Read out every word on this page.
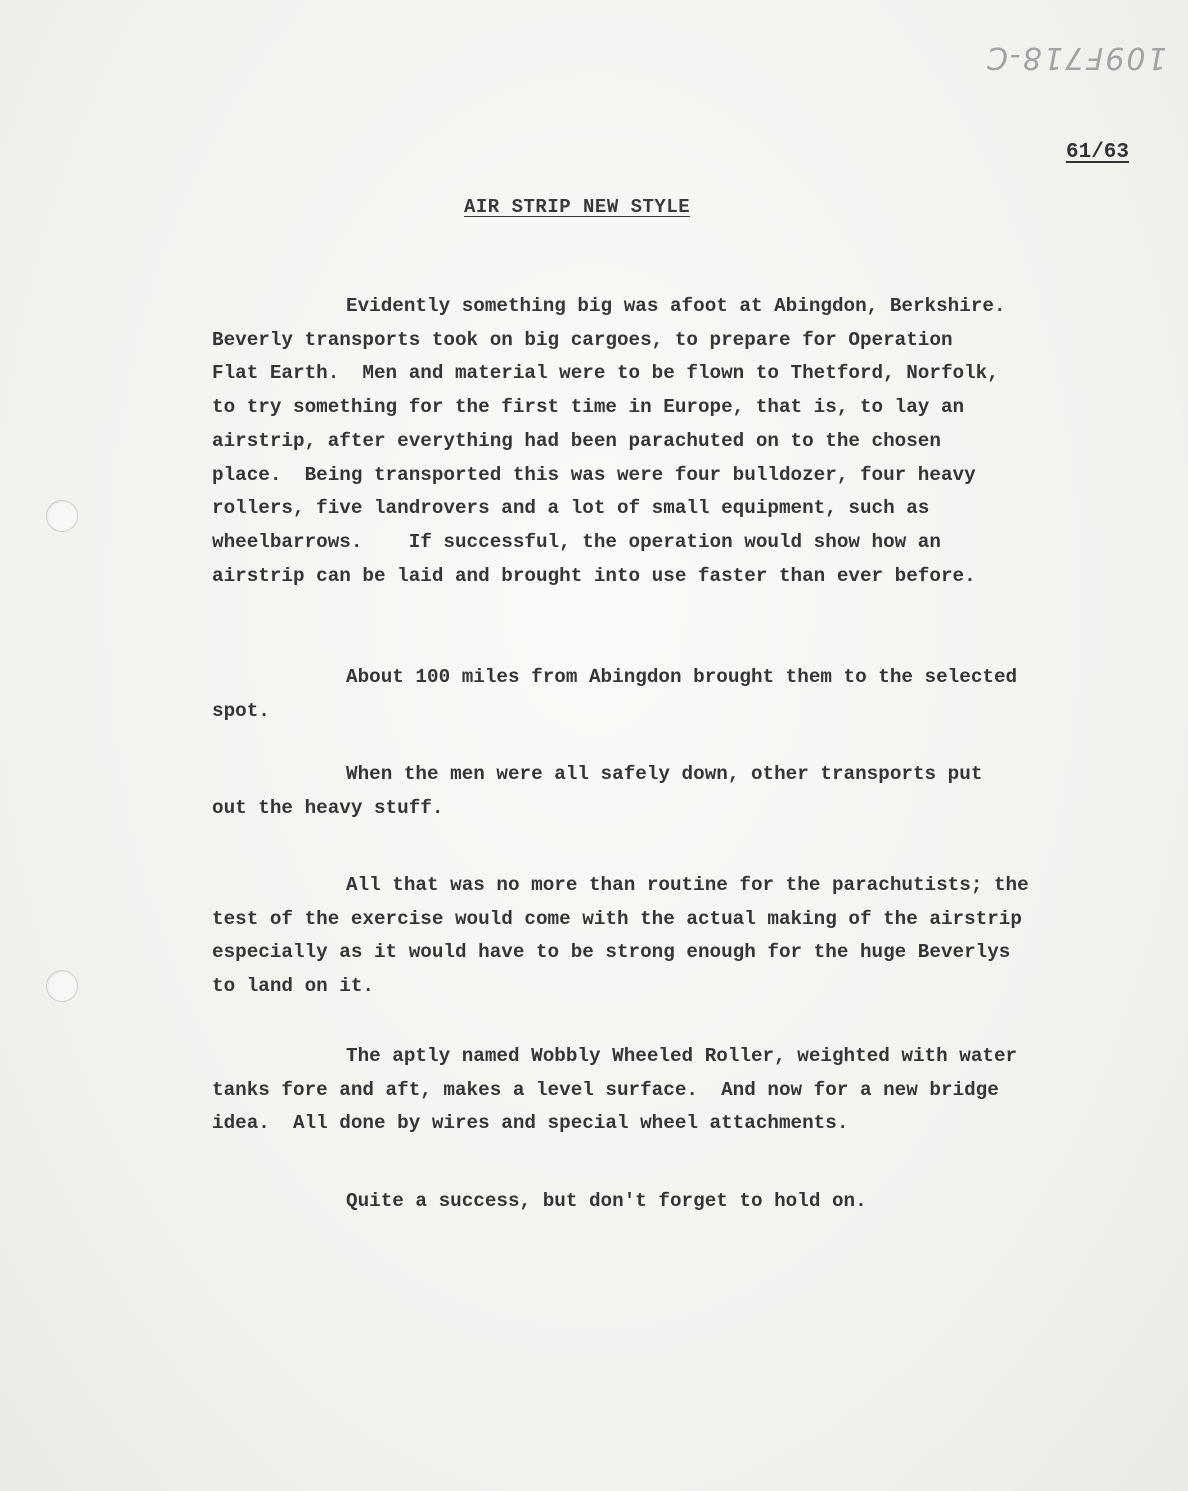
109F718-C
61/63
AIR STRIP NEW STYLE

Evidently something big was afoot at Abingdon, Berkshire.
Beverly transports took on big cargoes, to prepare for Operation
Flat Earth.  Men and material were to be flown to Thetford, Norfolk,
to try something for the first time in Europe, that is, to lay an
airstrip, after everything had been parachuted on to the chosen
place.  Being transported this was were four bulldozer, four heavy
rollers, five landrovers and a lot of small equipment, such as
wheelbarrows.    If successful, the operation would show how an
airstrip can be laid and brought into use faster than ever before.

About 100 miles from Abingdon brought them to the selected
spot.

When the men were all safely down, other transports put
out the heavy stuff.

All that was no more than routine for the parachutists; the
test of the exercise would come with the actual making of the airstrip
especially as it would have to be strong enough for the huge Beverlys
to land on it.

The aptly named Wobbly Wheeled Roller, weighted with water
tanks fore and aft, makes a level surface.  And now for a new bridge
idea.  All done by wires and special wheel attachments.

Quite a success, but don't forget to hold on.
